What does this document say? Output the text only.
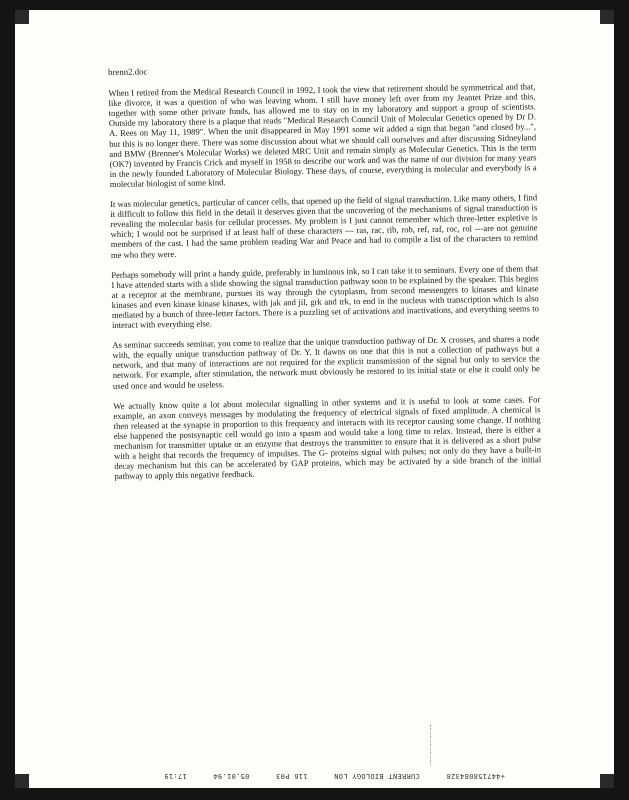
brenn2.doc

When I retired from the Medical Research Council in 1992, I took the view that retirement should be symmetrical and that, like divorce, it was a question of who was leaving whom. I still have money left over from my Jeantet Prize and this, together with some other private funds, has allowed me to stay on in my laboratory and support a group of scientists. Outside my laboratory there is a plaque that reads "Medical Research Council Unit of Molecular Genetics opened by Dr D. A. Rees on May 11, 1989". When the unit disappeared in May 1991 some wit added a sign that began "and closed by...", but this is no longer there. There was some discussion about what we should call ourselves and after discussing Sidneyland and BMW (Brenner's Molecular Works) we deleted MRC Unit and remain simply as Molecular Genetics. This is the term (OK?) invented by Francis Crick and myself in 1958 to describe our work and was the name of our division for many years in the newly founded Laboratory of Molecular Biology. These days, of course, everything is molecular and everybody is a molecular biologist of some kind.

It was molecular genetics, particular of cancer cells, that opened up the field of signal transduction. Like many others, I find it difficult to follow this field in the detail it deserves given that the uncovering of the mechanisms of signal transduction is revealing the molecular basis for cellular processes. My problem is I just cannot remember which three-letter expletive is which; I would not be surprised if at least half of these characters --- ras, rac, rib, rob, ref, raf, roc, rol ---are not genuine members of the cast. I had the same problem reading War and Peace and had to compile a list of the characters to remind me who they were.

Perhaps somebody will print a handy guide, preferably in luminous ink, so I can take it to seminars. Every one of them that I have attended starts with a slide showing the signal transduction pathway soon to be explained by the speaker. This begins at a receptor at the membrane, pursues its way through the cytoplasm, from second messengers to kinases and kinase kinases and even kinase kinase kinases, with jak and jil, grk and trk, to end in the nucleus with transcription which is also mediated by a bunch of three-letter factors. There is a puzzling set of activations and inactivations, and everything seems to interact with everything else.

As seminar succeeds seminar, you come to realize that the unique transduction pathway of Dr. X crosses, and shares a node with, the equally unique transduction pathway of Dr. Y. It dawns on one that this is not a collection of pathways but a network, and that many of interactions are not required for the explicit transmission of the signal but only to service the network. For example, after stimulation, the network must obviously be restored to its initial state or else it could only be used once and would be useless.

We actually know quite a lot about molecular signalling in other systems and it is useful to look at some cases. For example, an axon conveys messages by modulating the frequency of electrical signals of fixed amplitude. A chemical is then released at the synapse in proportion to this frequency and interacts with its receptor causing some change. If nothing else happened the postsynaptic cell would go into a spasm and would take a long time to relax. Instead, there is either a mechanism for transmitter uptake or an enzyme that destroys the transmitter to ensure that it is delivered as a short pulse with a height that records the frequency of impulses. The G- proteins signal with pulses; not only do they have a built-in decay mechanism but this can be accelerated by GAP proteins, which may be activated by a side branch of the initial pathway to apply this negative feedback.

+447158084328 CURRENT BIOLOGY LON 116 P03 05.01.94 17:19
